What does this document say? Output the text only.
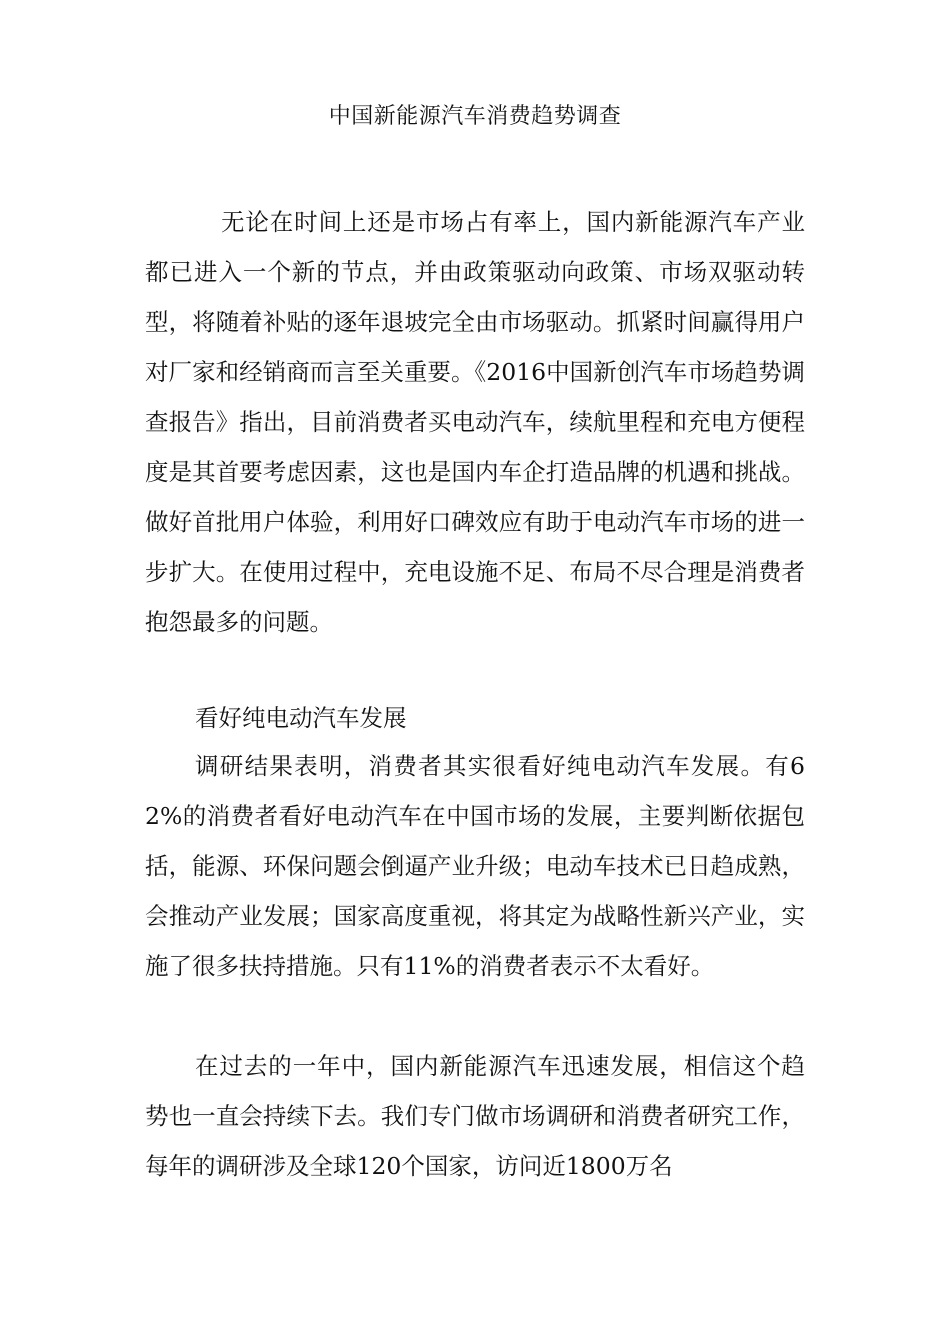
中国新能源汽车消费趋势调查

无论在时间上还是市场占有率上，国内新能源汽车产业都已进入一个新的节点，并由政策驱动向政策、市场双驱动转型，将随着补贴的逐年退坡完全由市场驱动。抓紧时间赢得用户对厂家和经销商而言至关重要。《2016中国新创汽车市场趋势调查报告》指出，目前消费者买电动汽车，续航里程和充电方便程度是其首要考虑因素，这也是国内车企打造品牌的机遇和挑战。做好首批用户体验，利用好口碑效应有助于电动汽车市场的进一步扩大。在使用过程中，充电设施不足、布局不尽合理是消费者抱怨最多的问题。

看好纯电动汽车发展

调研结果表明，消费者其实很看好纯电动汽车发展。有62%的消费者看好电动汽车在中国市场的发展，主要判断依据包括，能源、环保问题会倒逼产业升级；电动车技术已日趋成熟，会推动产业发展；国家高度重视，将其定为战略性新兴产业，实施了很多扶持措施。只有11%的消费者表示不太看好。

在过去的一年中，国内新能源汽车迅速发展，相信这个趋势也一直会持续下去。我们专门做市场调研和消费者研究工作，每年的调研涉及全球120个国家，访问近1800万名
